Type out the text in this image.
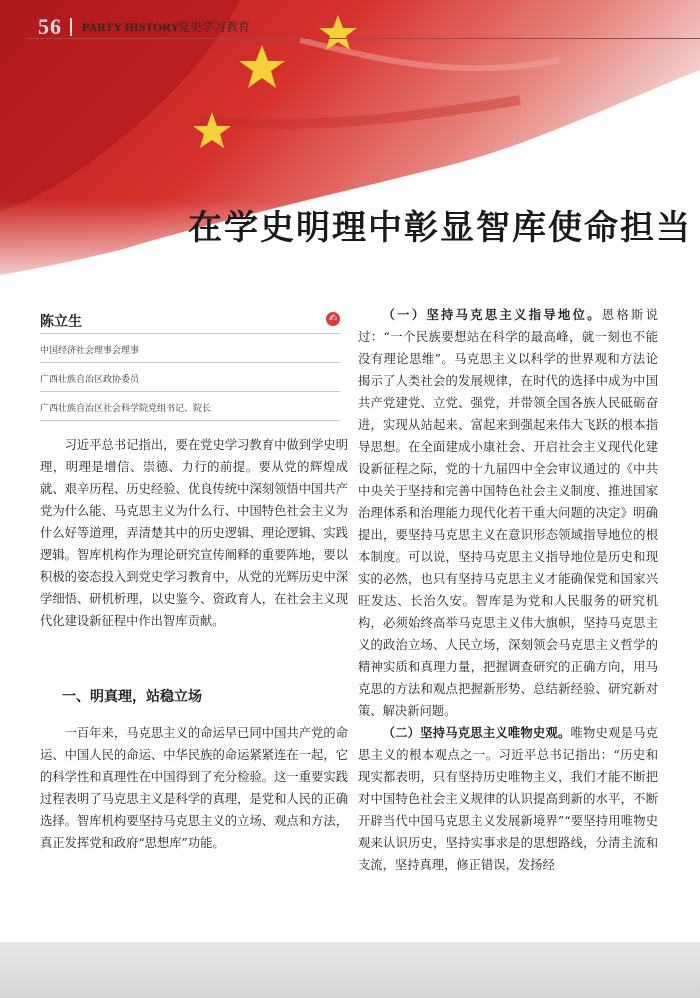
56 PARTY HISTORY
党史学习教育
在学史明理中彰显智库使命担当
陈立生	✍
中国经济社会理事会理事
广西壮族自治区政协委员
广西壮族自治区社会科学院党组书记、院长

习近平总书记指出，要在党史学习教育中做到学史明理，明理是增信、崇德、力行的前提。要从党的辉煌成就、艰辛历程、历史经验、优良传统中深刻领悟中国共产党为什么能、马克思主义为什么行、中国特色社会主义为什么好等道理，弄清楚其中的历史逻辑、理论逻辑、实践逻辑。智库机构作为理论研究宣传阐释的重要阵地，要以积极的姿态投入到党史学习教育中，从党的光辉历史中深学细悟、研机析理，以史鉴今、资政育人，在社会主义现代化建设新征程中作出智库贡献。

一、明真理，站稳立场

一百年来，马克思主义的命运早已同中国共产党的命运、中国人民的命运、中华民族的命运紧紧连在一起，它的科学性和真理性在中国得到了充分检验。这一重要实践过程表明了马克思主义是科学的真理，是党和人民的正确选择。智库机构要坚持马克思主义的立场、观点和方法，真正发挥党和政府“思想库”功能。

（一）坚持马克思主义指导地位。恩格斯说过：“一个民族要想站在科学的最高峰，就一刻也不能没有理论思维”。马克思主义以科学的世界观和方法论揭示了人类社会的发展规律，在时代的选择中成为中国共产党建党、立党、强党，并带领全国各族人民砥砺奋进，实现从站起来、富起来到强起来伟大飞跃的根本指导思想。在全面建成小康社会、开启社会主义现代化建设新征程之际，党的十九届四中全会审议通过的《中共中央关于坚持和完善中国特色社会主义制度、推进国家治理体系和治理能力现代化若干重大问题的决定》明确提出，要坚持马克思主义在意识形态领域指导地位的根本制度。可以说，坚持马克思主义指导地位是历史和现实的必然，也只有坚持马克思主义才能确保党和国家兴旺发达、长治久安。智库是为党和人民服务的研究机构，必须始终高举马克思主义伟大旗帜，坚持马克思主义的政治立场、人民立场，深刻领会马克思主义哲学的精神实质和真理力量，把握调查研究的正确方向，用马克思的方法和观点把握新形势、总结新经验、研究新对策、解决新问题。

（二）坚持马克思主义唯物史观。唯物史观是马克思主义的根本观点之一。习近平总书记指出：“历史和现实都表明，只有坚持历史唯物主义，我们才能不断把对中国特色社会主义规律的认识提高到新的水平，不断开辟当代中国马克思主义发展新境界”“要坚持用唯物史观来认识历史，坚持实事求是的思想路线，分清主流和支流，坚持真理，修正错误，发扬经
